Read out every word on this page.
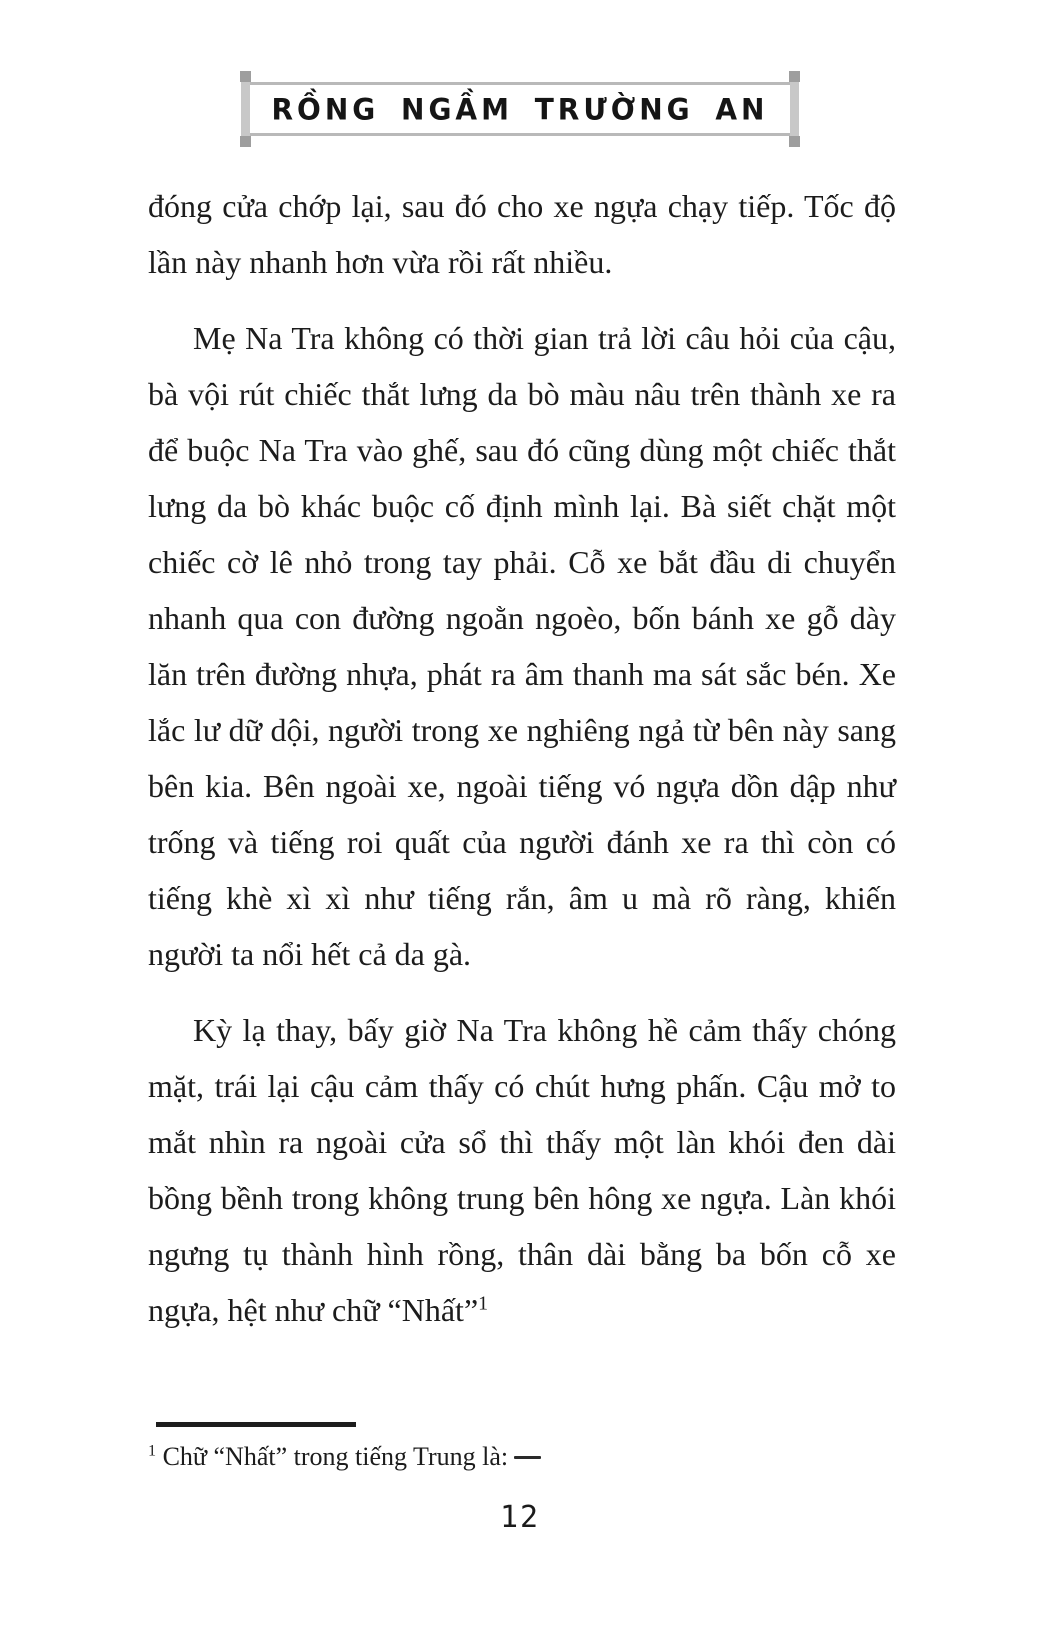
RỒNG NGẦM TRƯỜNG AN

đóng cửa chớp lại, sau đó cho xe ngựa chạy tiếp. Tốc độ lần này nhanh hơn vừa rồi rất nhiều.

Mẹ Na Tra không có thời gian trả lời câu hỏi của cậu, bà vội rút chiếc thắt lưng da bò màu nâu trên thành xe ra để buộc Na Tra vào ghế, sau đó cũng dùng một chiếc thắt lưng da bò khác buộc cố định mình lại. Bà siết chặt một chiếc cờ lê nhỏ trong tay phải. Cỗ xe bắt đầu di chuyển nhanh qua con đường ngoằn ngoèo, bốn bánh xe gỗ dày lăn trên đường nhựa, phát ra âm thanh ma sát sắc bén. Xe lắc lư dữ dội, người trong xe nghiêng ngả từ bên này sang bên kia. Bên ngoài xe, ngoài tiếng vó ngựa dồn dập như trống và tiếng roi quất của người đánh xe ra thì còn có tiếng khè xì xì như tiếng rắn, âm u mà rõ ràng, khiến người ta nổi hết cả da gà.

Kỳ lạ thay, bấy giờ Na Tra không hề cảm thấy chóng mặt, trái lại cậu cảm thấy có chút hưng phấn. Cậu mở to mắt nhìn ra ngoài cửa sổ thì thấy một làn khói đen dài bồng bềnh trong không trung bên hông xe ngựa. Làn khói ngưng tụ thành hình rồng, thân dài bằng ba bốn cỗ xe ngựa, hệt như chữ “Nhất”$^1$

$^1$ Chữ “Nhất” trong tiếng Trung là:

12
